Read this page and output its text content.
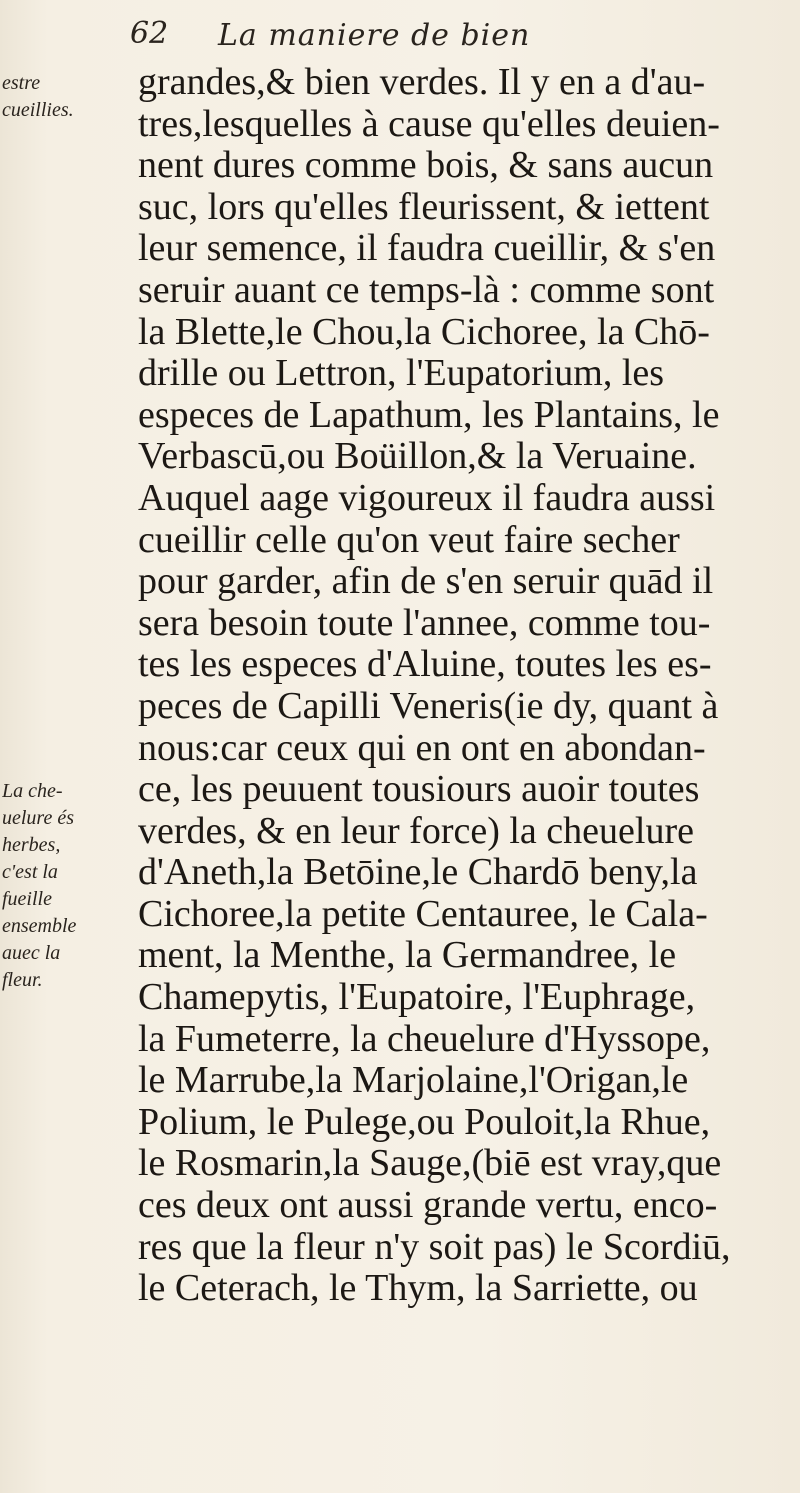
62 La maniere de bien
estre
cueillies.
La che-
uelure és
herbes,
c'est la
fueille
ensemble
auec la
fleur.
grandes,& bien verdes. Il y en a d'au-
tres,lesquelles à cause qu'elles deuien-
nent dures comme bois, & sans aucun
suc, lors qu'elles fleurissent, & iettent
leur semence, il faudra cueillir, & s'en
seruir auant ce temps-là : comme sont
la Blette,le Chou,la Cichoree, la Chō-
drille ou Lettron, l'Eupatorium, les
especes de Lapathum, les Plantains, le
Verbascū,ou Boüillon,& la Veruaine.
Auquel aage vigoureux il faudra aussi
cueillir celle qu'on veut faire secher
pour garder, afin de s'en seruir quād il
sera besoin toute l'annee, comme tou-
tes les especes d'Aluine, toutes les es-
peces de Capilli Veneris(ie dy, quant à
nous:car ceux qui en ont en abondan-
ce, les peuuent tousiours auoir toutes
verdes, & en leur force) la cheuelure
d'Aneth,la Betōine,le Chardō beny,la
Cichoree,la petite Centauree, le Cala-
ment, la Menthe, la Germandree, le
Chamepytis, l'Eupatoire, l'Euphrage,
la Fumeterre, la cheuelure d'Hyssope,
le Marrube,la Marjolaine,l'Origan,le
Polium, le Pulege,ou Pouloit,la Rhue,
le Rosmarin,la Sauge,(biē est vray,que
ces deux ont aussi grande vertu, enco-
res que la fleur n'y soit pas) le Scordiū,
le Ceterach, le Thym, la Sarriette, ou
